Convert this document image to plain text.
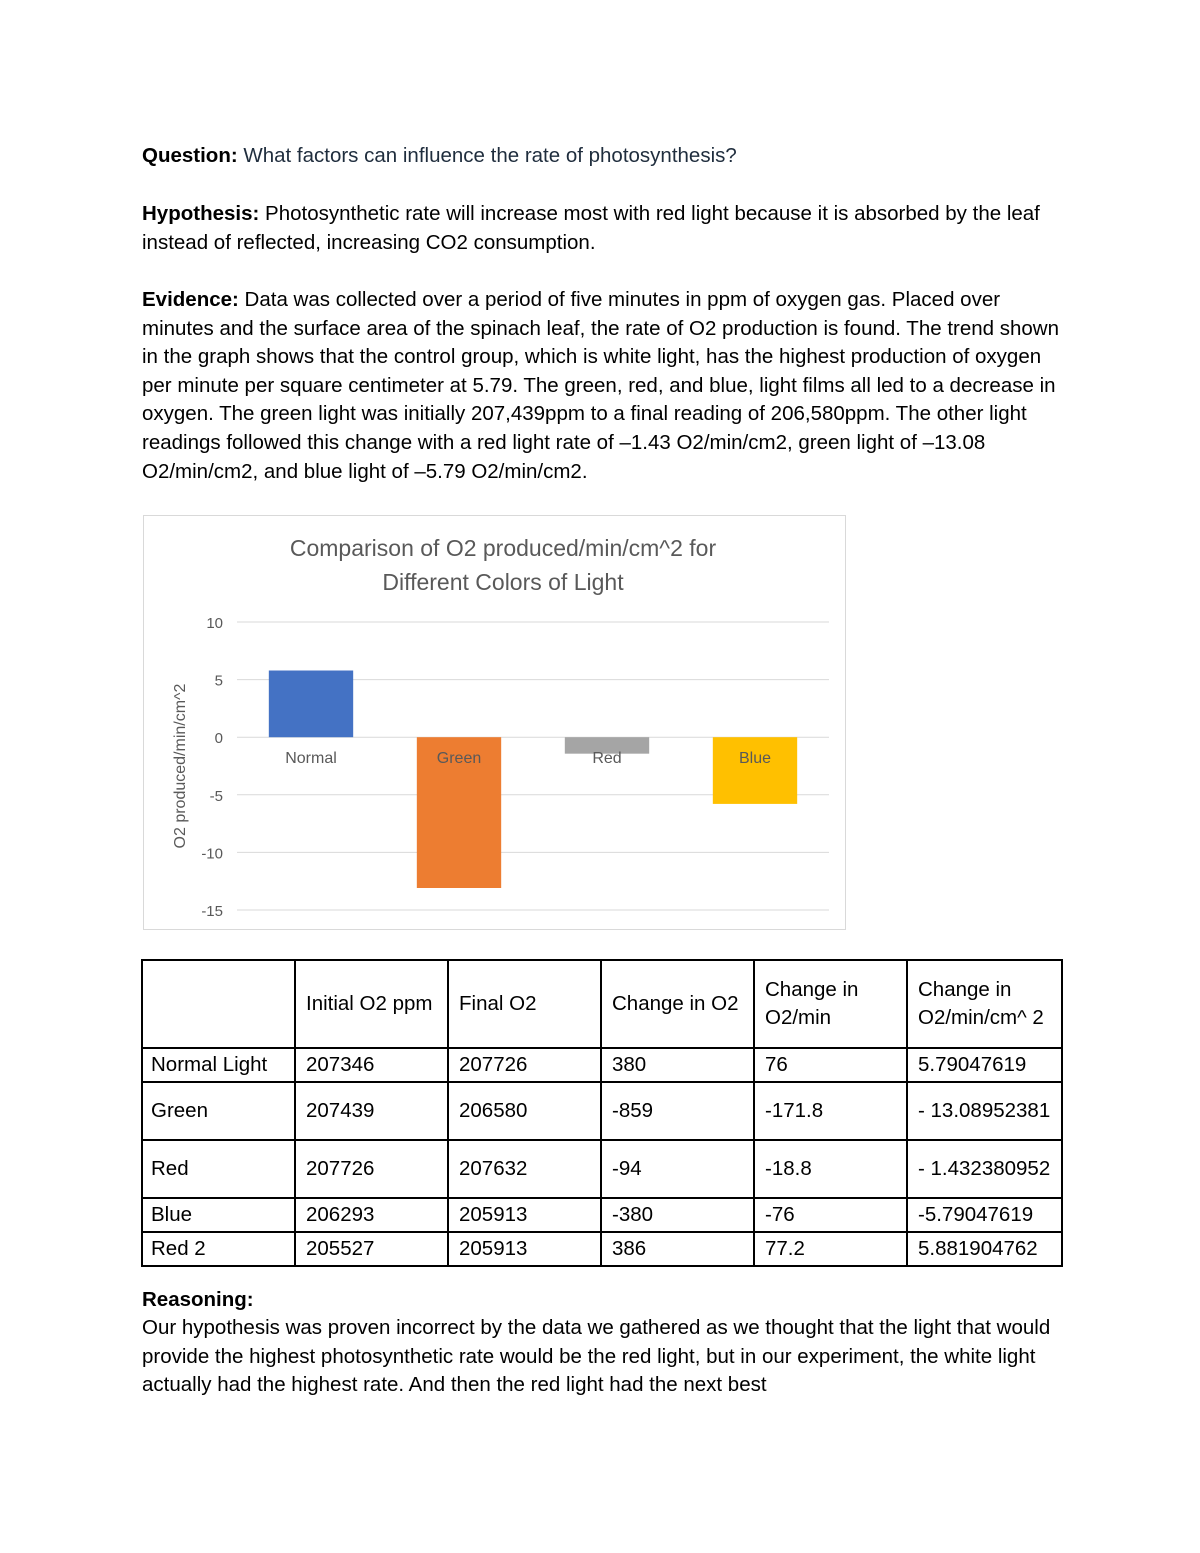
Question: What factors can influence the rate of photosynthesis?
Hypothesis: Photosynthetic rate will increase most with red light because it is absorbed by the leaf instead of reflected, increasing CO2 consumption.
Evidence: Data was collected over a period of five minutes in ppm of oxygen gas. Placed over minutes and the surface area of the spinach leaf, the rate of O2 production is found. The trend shown in the graph shows that the control group, which is white light, has the highest production of oxygen per minute per square centimeter at 5.79. The green, red, and blue, light films all led to a decrease in oxygen. The green light was initially 207,439ppm to a final reading of 206,580ppm. The other light readings followed this change with a red light rate of –1.43 O2/min/cm2, green light of –13.08 O2/min/cm2, and blue light of –5.79 O2/min/cm2.
Comparison of O2 produced/min/cm^2 for
Different Colors of Light
10
5
0
-5
-10
-15
O2 produced/min/cm^2	Normal	Green	Red	Blue
	Initial O2 ppm	Final O2	Change in O2	Change in O2/min	Change in O2/min/cm^ 2
Normal Light	207346	207726	380	76	5.79047619
Green	207439	206580	-859	-171.8	- 13.08952381
Red	207726	207632	-94	-18.8	- 1.432380952
Blue	206293	205913	-380	-76	-5.79047619
Red 2	205527	205913	386	77.2	5.881904762
Reasoning:
Our hypothesis was proven incorrect by the data we gathered as we thought that the light that would provide the highest photosynthetic rate would be the red light, but in our experiment, the white light actually had the highest rate. And then the red light had the next best
